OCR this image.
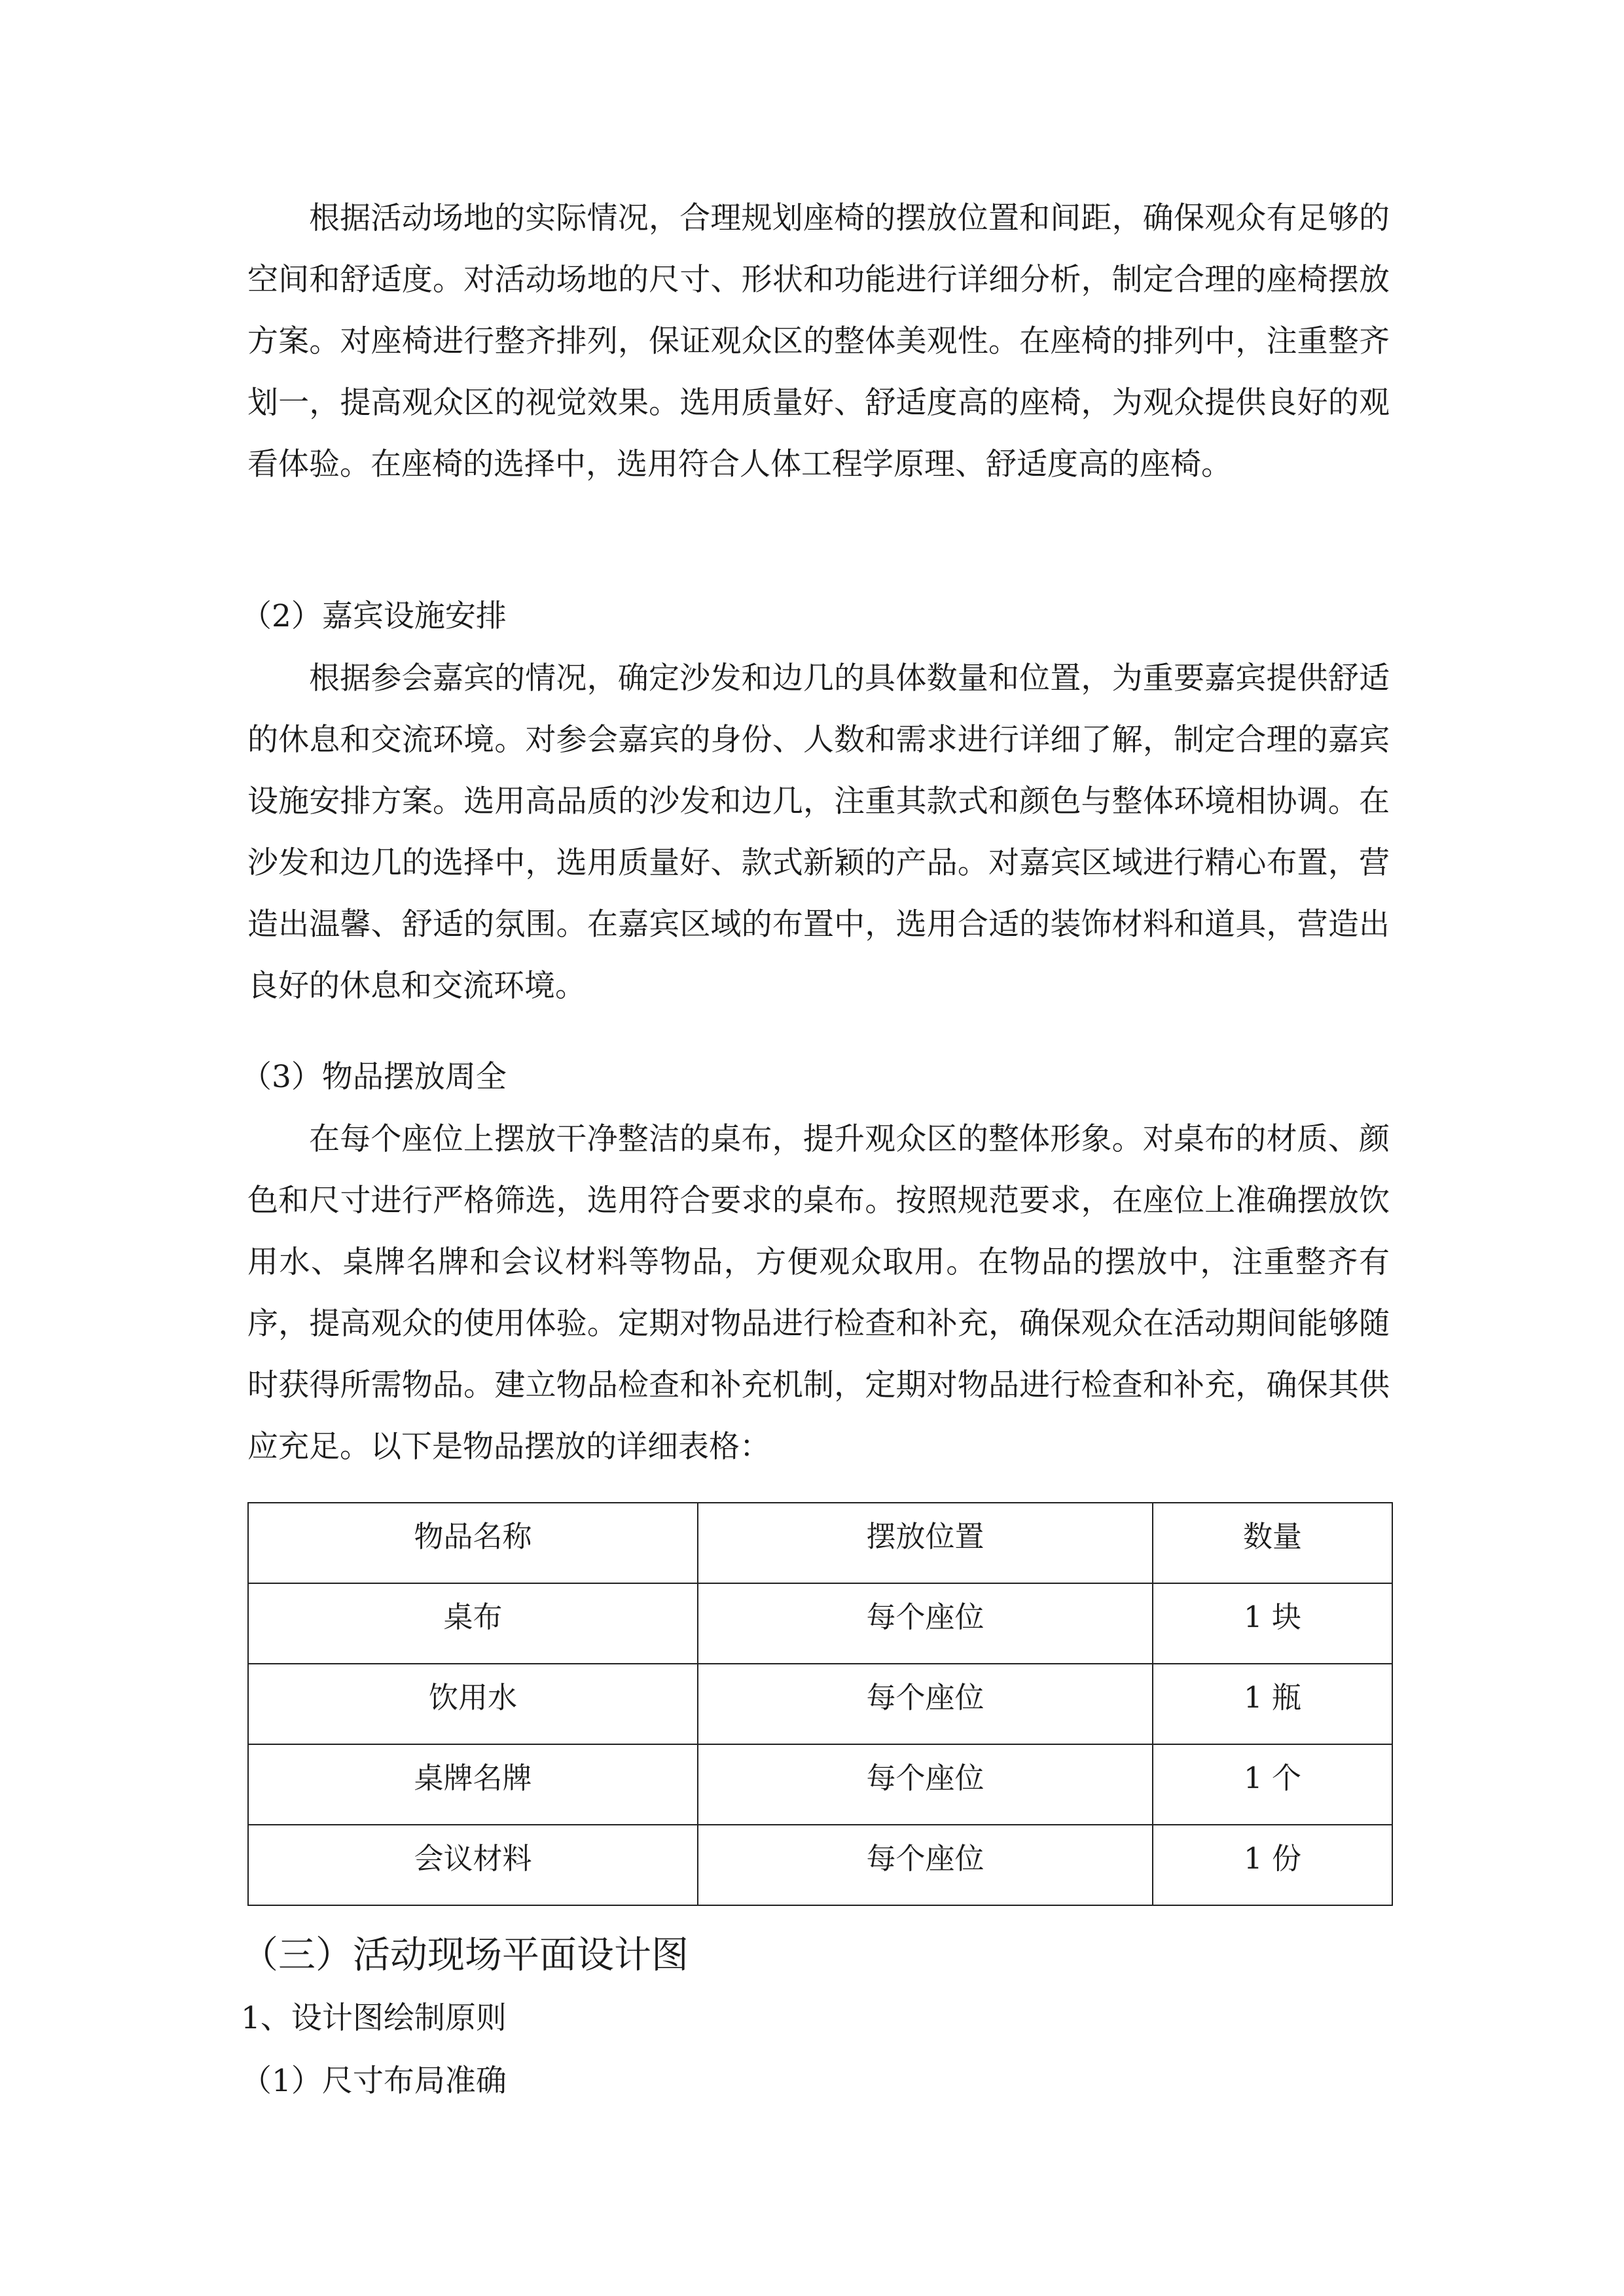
根据活动场地的实际情况，合理规划座椅的摆放位置和间距，确保观众有足够的空间和舒适度。对活动场地的尺寸、形状和功能进行详细分析，制定合理的座椅摆放方案。对座椅进行整齐排列，保证观众区的整体美观性。在座椅的排列中，注重整齐划一，提高观众区的视觉效果。选用质量好、舒适度高的座椅，为观众提供良好的观看体验。在座椅的选择中，选用符合人体工程学原理、舒适度高的座椅。

（2）嘉宾设施安排

根据参会嘉宾的情况，确定沙发和边几的具体数量和位置，为重要嘉宾提供舒适的休息和交流环境。对参会嘉宾的身份、人数和需求进行详细了解，制定合理的嘉宾设施安排方案。选用高品质的沙发和边几，注重其款式和颜色与整体环境相协调。在沙发和边几的选择中，选用质量好、款式新颖的产品。对嘉宾区域进行精心布置，营造出温馨、舒适的氛围。在嘉宾区域的布置中，选用合适的装饰材料和道具，营造出良好的休息和交流环境。

（3）物品摆放周全

在每个座位上摆放干净整洁的桌布，提升观众区的整体形象。对桌布的材质、颜色和尺寸进行严格筛选，选用符合要求的桌布。按照规范要求，在座位上准确摆放饮用水、桌牌名牌和会议材料等物品，方便观众取用。在物品的摆放中，注重整齐有序，提高观众的使用体验。定期对物品进行检查和补充，确保观众在活动期间能够随时获得所需物品。建立物品检查和补充机制，定期对物品进行检查和补充，确保其供应充足。以下是物品摆放的详细表格：

物品名称	摆放位置	数量
桌布	每个座位	1 块
饮用水	每个座位	1 瓶
桌牌名牌	每个座位	1 个
会议材料	每个座位	1 份

（三）活动现场平面设计图

1、设计图绘制原则

（1）尺寸布局准确
